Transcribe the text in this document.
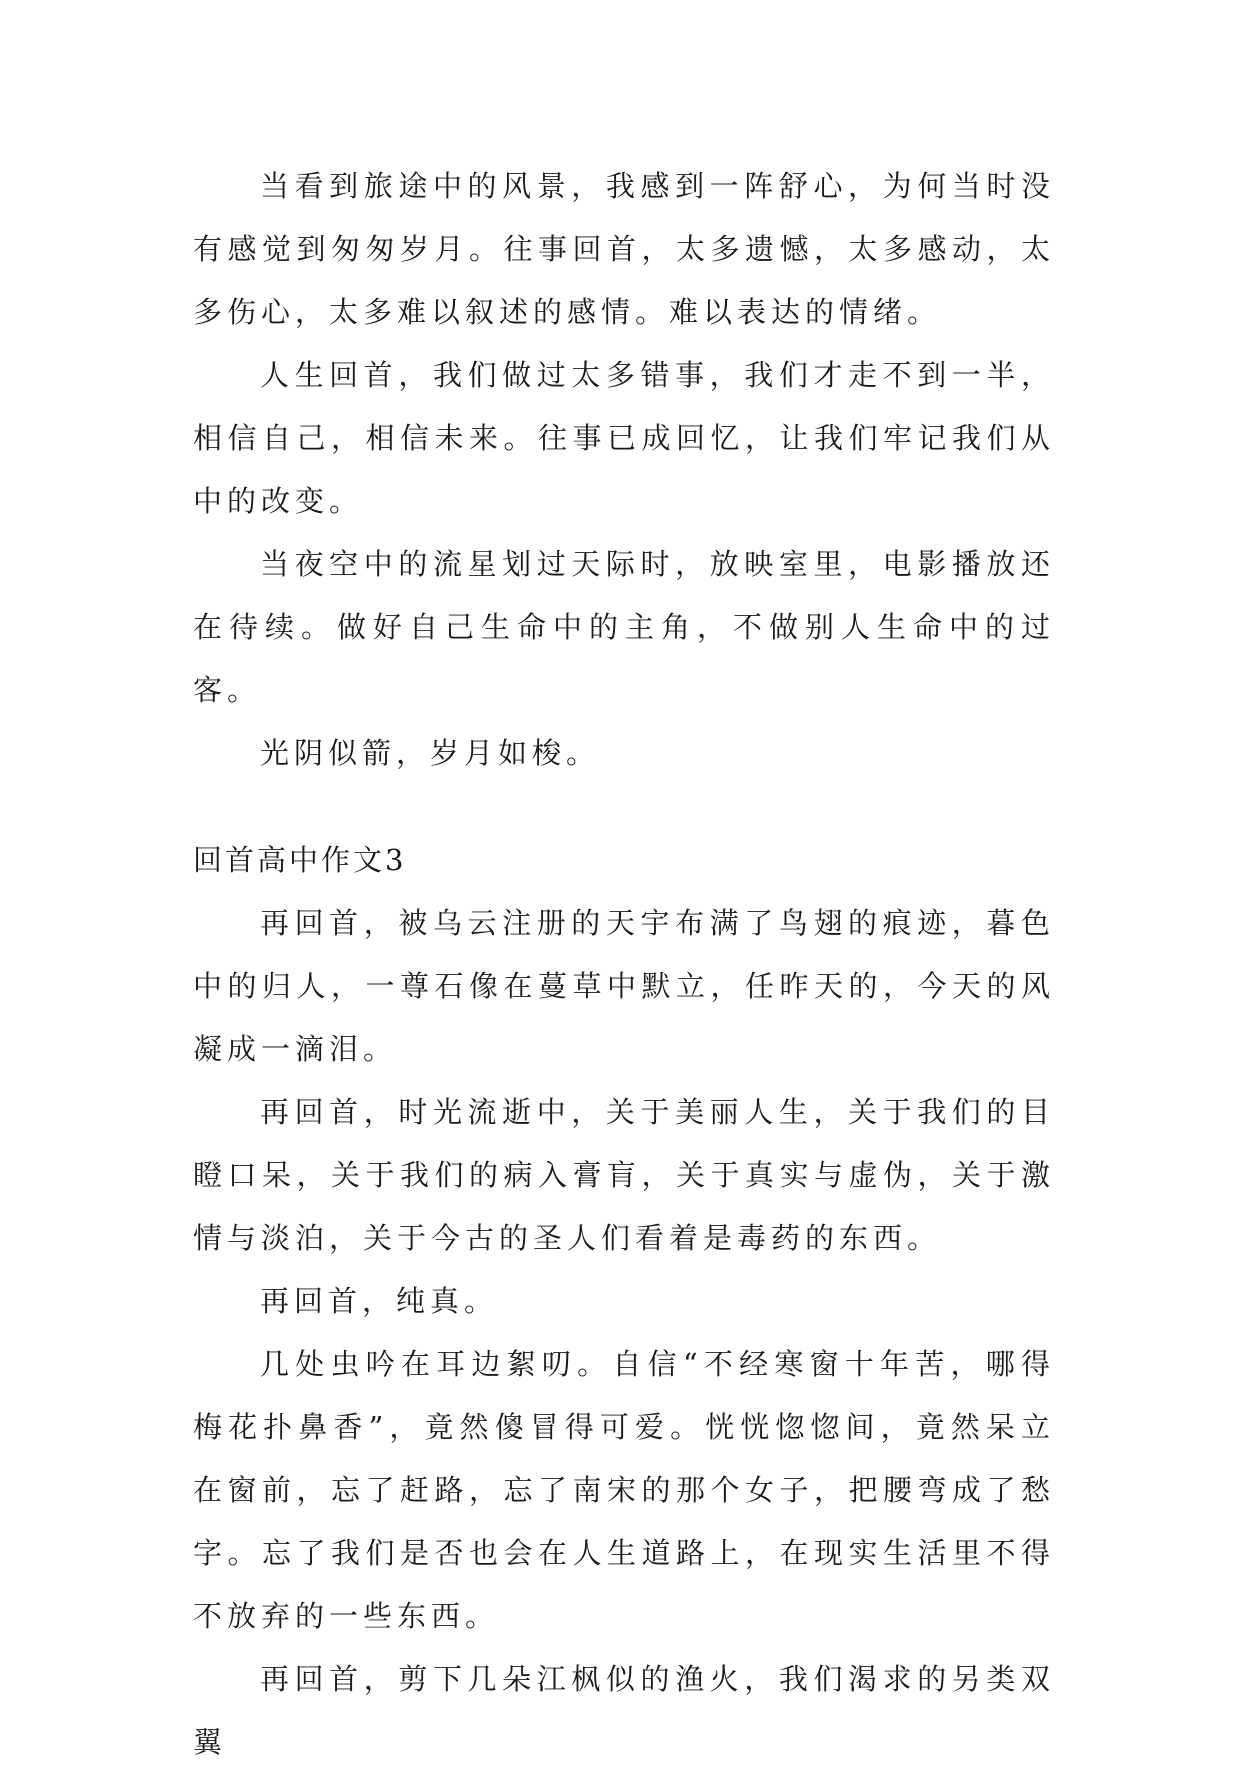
当看到旅途中的风景，我感到一阵舒心，为何当时没有感觉到匆匆岁月。往事回首，太多遗憾，太多感动，太多伤心，太多难以叙述的感情。难以表达的情绪。

人生回首，我们做过太多错事，我们才走不到一半，相信自己，相信未来。往事已成回忆，让我们牢记我们从中的改变。

当夜空中的流星划过天际时，放映室里，电影播放还在待续。做好自己生命中的主角，不做别人生命中的过客。

光阴似箭，岁月如梭。

回首高中作文3

再回首，被乌云注册的天宇布满了鸟翅的痕迹，暮色中的归人，一尊石像在蔓草中默立，任昨天的，今天的风凝成一滴泪。

再回首，时光流逝中，关于美丽人生，关于我们的目瞪口呆，关于我们的病入膏肓，关于真实与虚伪，关于激情与淡泊，关于今古的圣人们看着是毒药的东西。

再回首，纯真。

几处虫吟在耳边絮叨。自信“不经寒窗十年苦，哪得梅花扑鼻香”，竟然傻冒得可爱。恍恍惚惚间，竟然呆立在窗前，忘了赶路，忘了南宋的那个女子，把腰弯成了愁字。忘了我们是否也会在人生道路上，在现实生活里不得不放弃的一些东西。

再回首，剪下几朵江枫似的渔火，我们渴求的另类双翼
